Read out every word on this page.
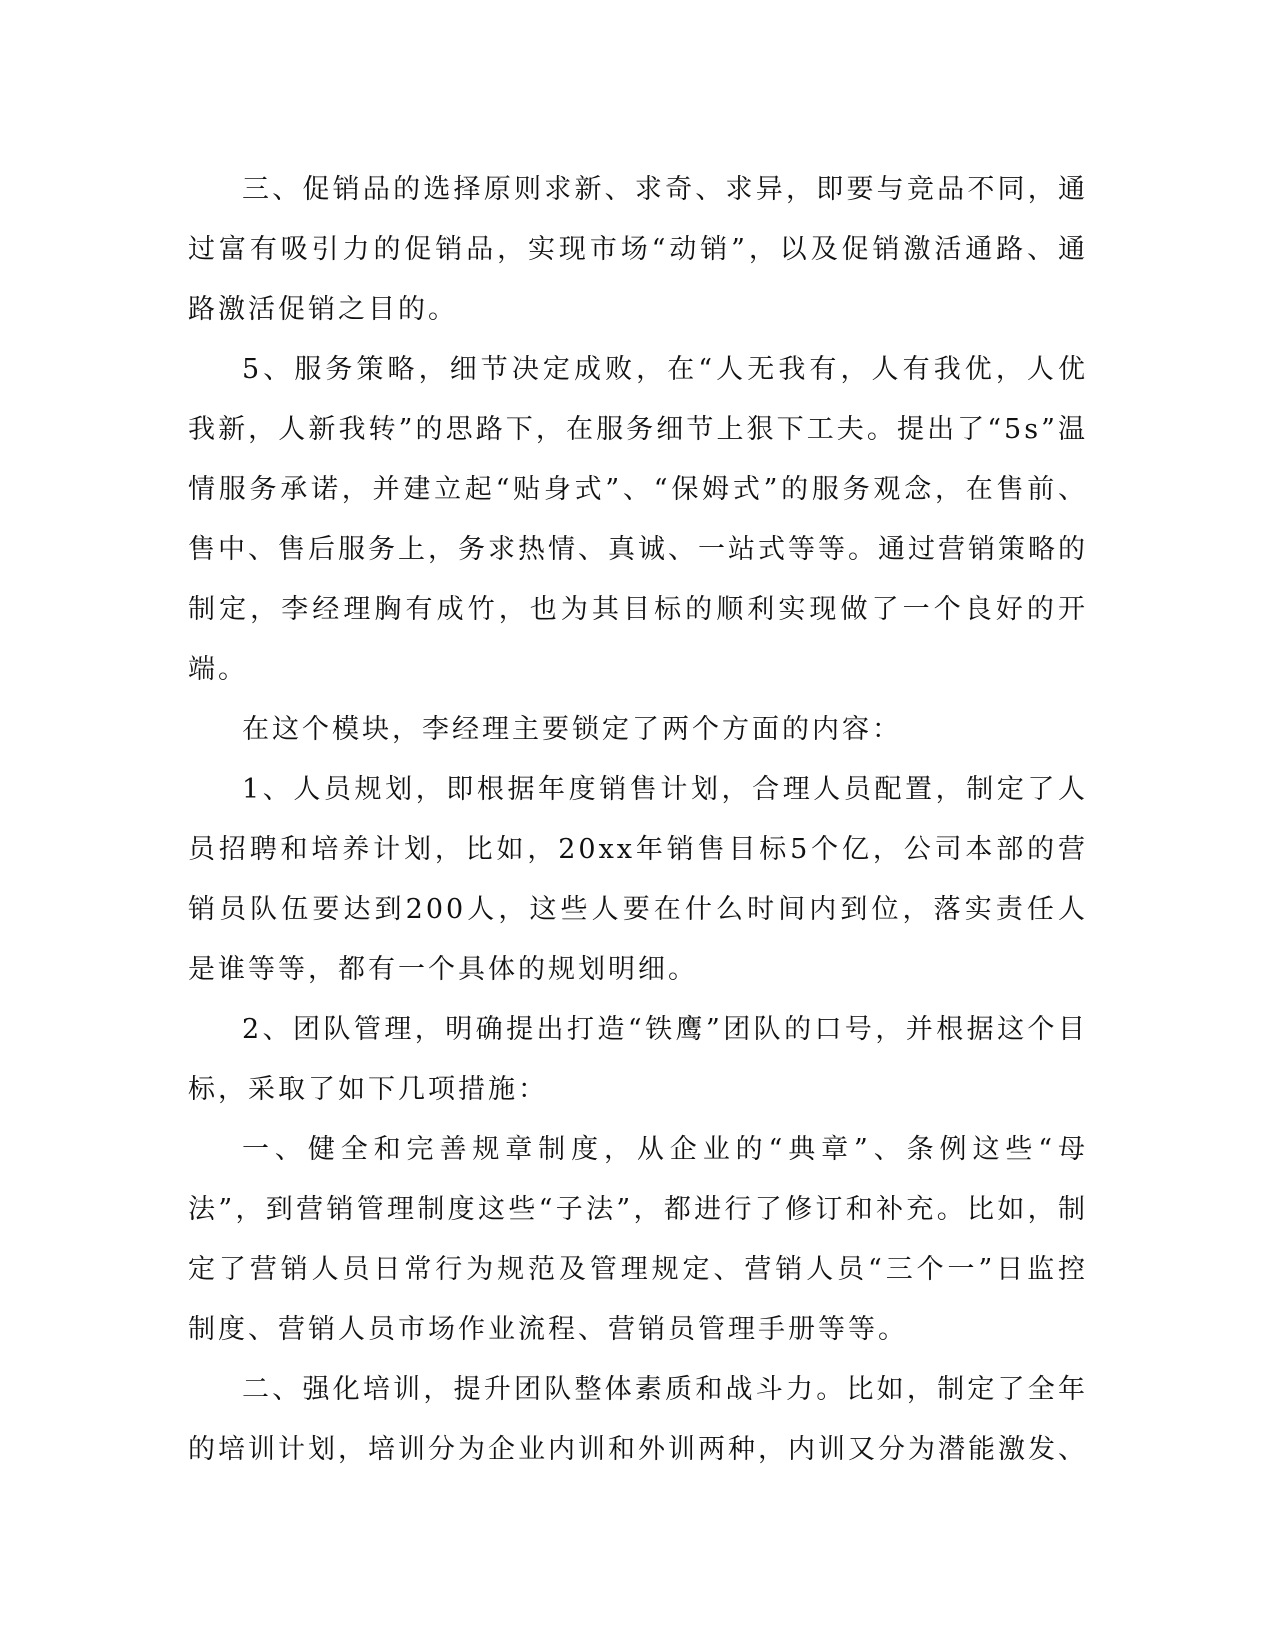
三、促销品的选择原则求新、求奇、求异，即要与竞品不同，通过富有吸引力的促销品，实现市场“动销”，以及促销激活通路、通路激活促销之目的。

5、服务策略，细节决定成败，在“人无我有，人有我优，人优我新，人新我转”的思路下，在服务细节上狠下工夫。提出了“5s”温情服务承诺，并建立起“贴身式”、“保姆式”的服务观念，在售前、售中、售后服务上，务求热情、真诚、一站式等等。通过营销策略的制定，李经理胸有成竹，也为其目标的顺利实现做了一个良好的开端。

在这个模块，李经理主要锁定了两个方面的内容：

1、人员规划，即根据年度销售计划，合理人员配置，制定了人员招聘和培养计划，比如，20xx年销售目标5个亿，公司本部的营销员队伍要达到200人，这些人要在什么时间内到位，落实责任人是谁等等，都有一个具体的规划明细。

2、团队管理，明确提出打造“铁鹰”团队的口号，并根据这个目标，采取了如下几项措施：

一、健全和完善规章制度，从企业的“典章”、条例这些“母法”，到营销管理制度这些“子法”，都进行了修订和补充。比如，制定了营销人员日常行为规范及管理规定、营销人员“三个一”日监控制度、营销人员市场作业流程、营销员管理手册等等。

二、强化培训，提升团队整体素质和战斗力。比如，制定了全年的培训计划，培训分为企业内训和外训两种，内训又分为潜能激发、
